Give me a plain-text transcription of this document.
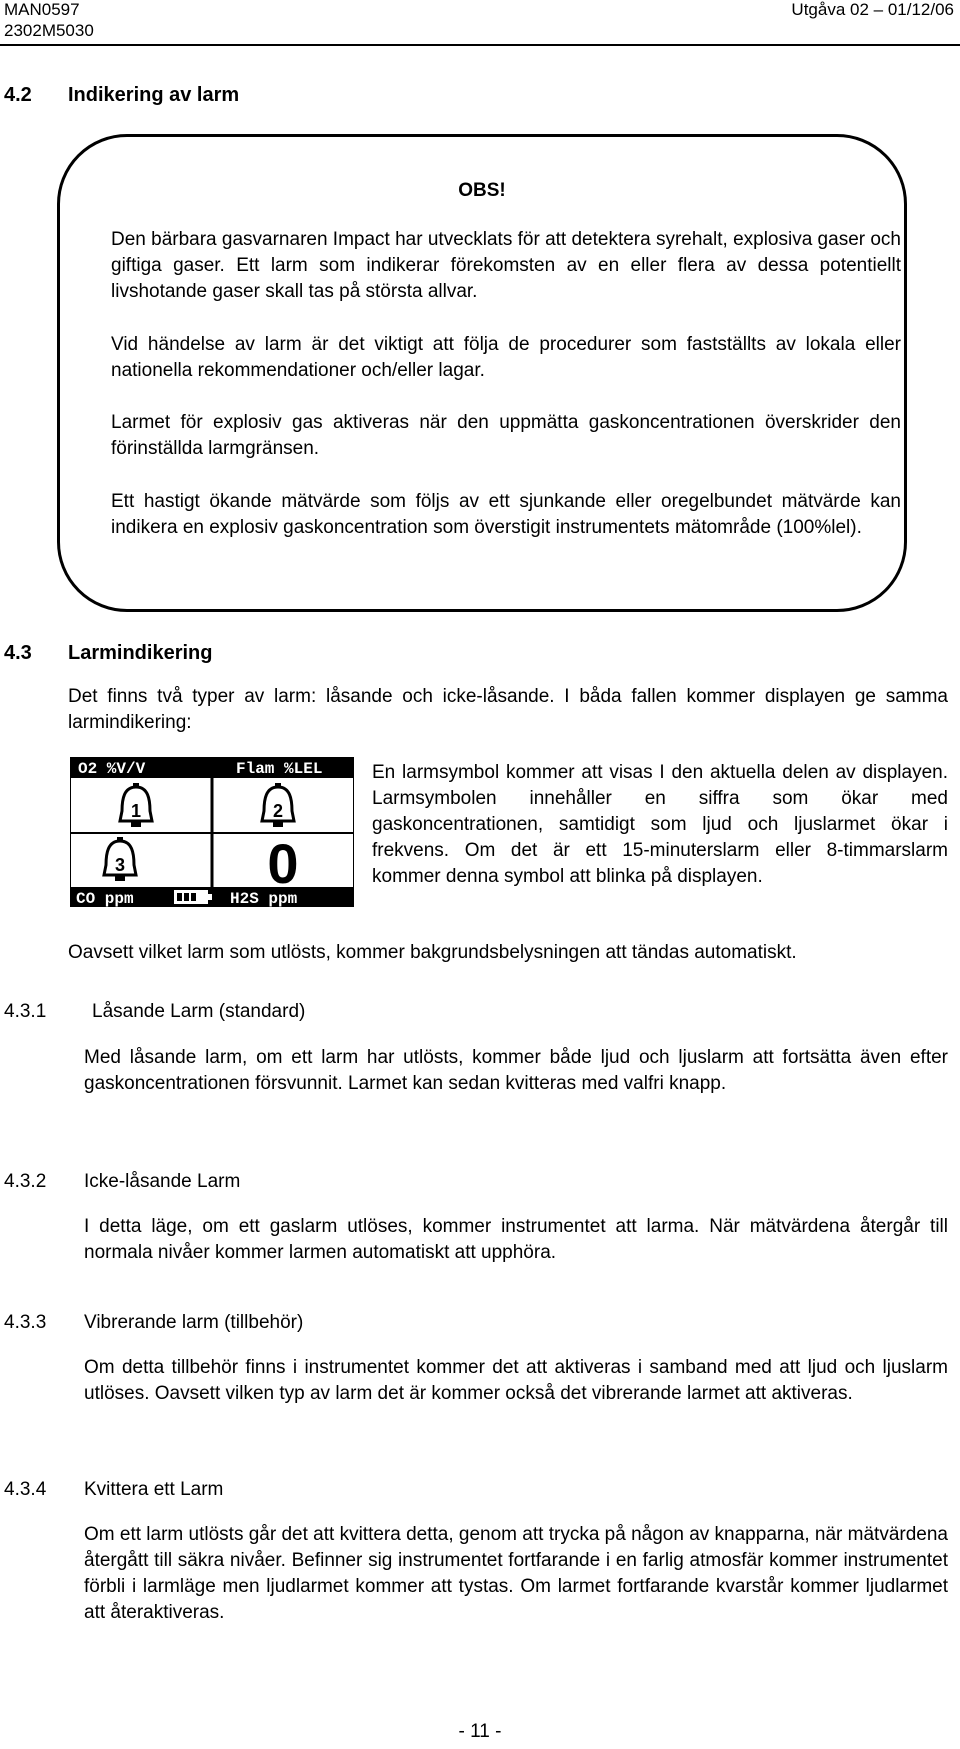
MAN0597
2302M5030
Utgåva 02 – 01/12/06
4.2 Indikering av larm
OBS!
Den bärbara gasvarnaren Impact har utvecklats för att detektera syrehalt, explosiva gaser och giftiga gaser. Ett larm som indikerar förekomsten av en eller flera av dessa potentiellt livshotande gaser skall tas på största allvar.
Vid händelse av larm är det viktigt att följa de procedurer som fastställts av lokala eller nationella rekommendationer och/eller lagar.
Larmet för explosiv gas aktiveras när den uppmätta gaskoncentrationen överskrider den förinställda larmgränsen.
Ett hastigt ökande mätvärde som följs av ett sjunkande eller oregelbundet mätvärde kan indikera en explosiv gaskoncentration som överstigit instrumentets mätområde (100%lel).
4.3 Larmindikering
Det finns två typer av larm: låsande och icke-låsande. I båda fallen kommer displayen ge samma larmindikering:
O2 %V/V	Flam %LEL
1	2
3	0
CO ppm	H2S ppm
En larmsymbol kommer att visas I den aktuella delen av displayen. Larmsymbolen innehåller en siffra som ökar med gaskoncentrationen, samtidigt som ljud och ljuslarmet ökar i frekvens. Om det är ett 15-minuterslarm eller 8-timmarslarm kommer denna symbol att blinka på displayen.
Oavsett vilket larm som utlösts, kommer bakgrundsbelysningen att tändas automatiskt.
4.3.1 Låsande Larm (standard)
Med låsande larm, om ett larm har utlösts, kommer både ljud och ljuslarm att fortsätta även efter gaskoncentrationen försvunnit. Larmet kan sedan kvitteras med valfri knapp.
4.3.2 Icke-låsande Larm
I detta läge, om ett gaslarm utlöses, kommer instrumentet att larma. När mätvärdena återgår till normala nivåer kommer larmen automatiskt att upphöra.
4.3.3 Vibrerande larm (tillbehör)
Om detta tillbehör finns i instrumentet kommer det att aktiveras i samband med att ljud och ljuslarm utlöses. Oavsett vilken typ av larm det är kommer också det vibrerande larmet att aktiveras.
4.3.4 Kvittera ett Larm
Om ett larm utlösts går det att kvittera detta, genom att trycka på någon av knapparna, när mätvärdena återgått till säkra nivåer. Befinner sig instrumentet fortfarande i en farlig atmosfär kommer instrumentet förbli i larmläge men ljudlarmet kommer att tystas. Om larmet fortfarande kvarstår kommer ljudlarmet att återaktiveras.
- 11 -
